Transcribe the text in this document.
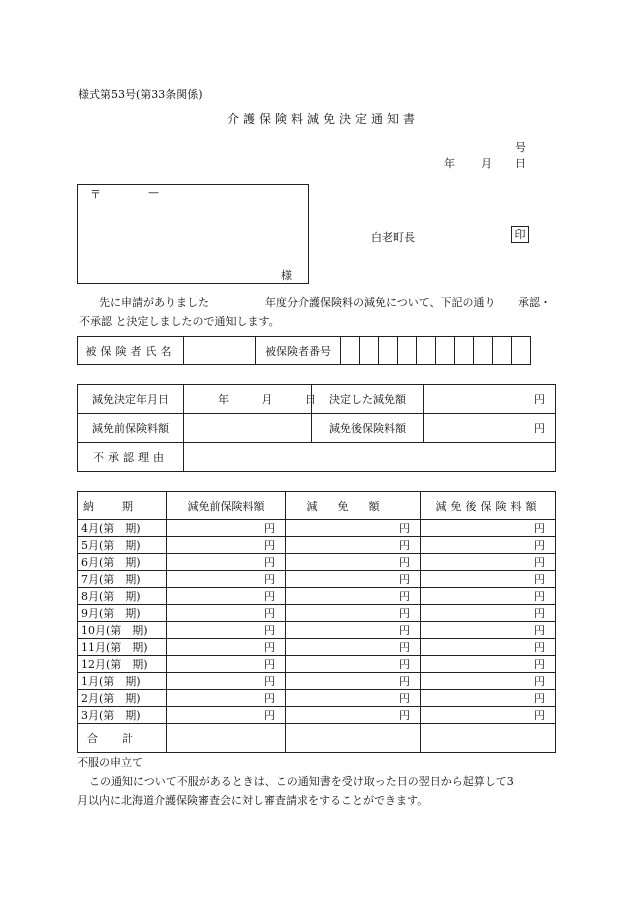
様式第53号(第33条関係)
介護保険料減免決定通知書
号
年 月 日
〒	—
様
白老町長	印
先に申請がありました	年度分介護保険料の減免について、下記の通り 承認・
不承認 と決定しましたので通知します。
被保険者氏名		被保険者番号										
減免決定年月日	年 月 日	決定した減免額	円
減免前保険料額		減免後保険料額	円
不承認理由			
納期	減免前保険料額	減免額	減免後保険料額
4月(第　期)	円	円	円
5月(第　期)	円	円	円
6月(第　期)	円	円	円
7月(第　期)	円	円	円
8月(第　期)	円	円	円
9月(第　期)	円	円	円
10月(第　期)	円	円	円
11月(第　期)	円	円	円
12月(第　期)	円	円	円
1月(第　期)	円	円	円
2月(第　期)	円	円	円
3月(第　期)	円	円	円
合計			
不服の申立て
この通知について不服があるときは、この通知書を受け取った日の翌日から起算して3
月以内に北海道介護保険審査会に対し審査請求をすることができます。
